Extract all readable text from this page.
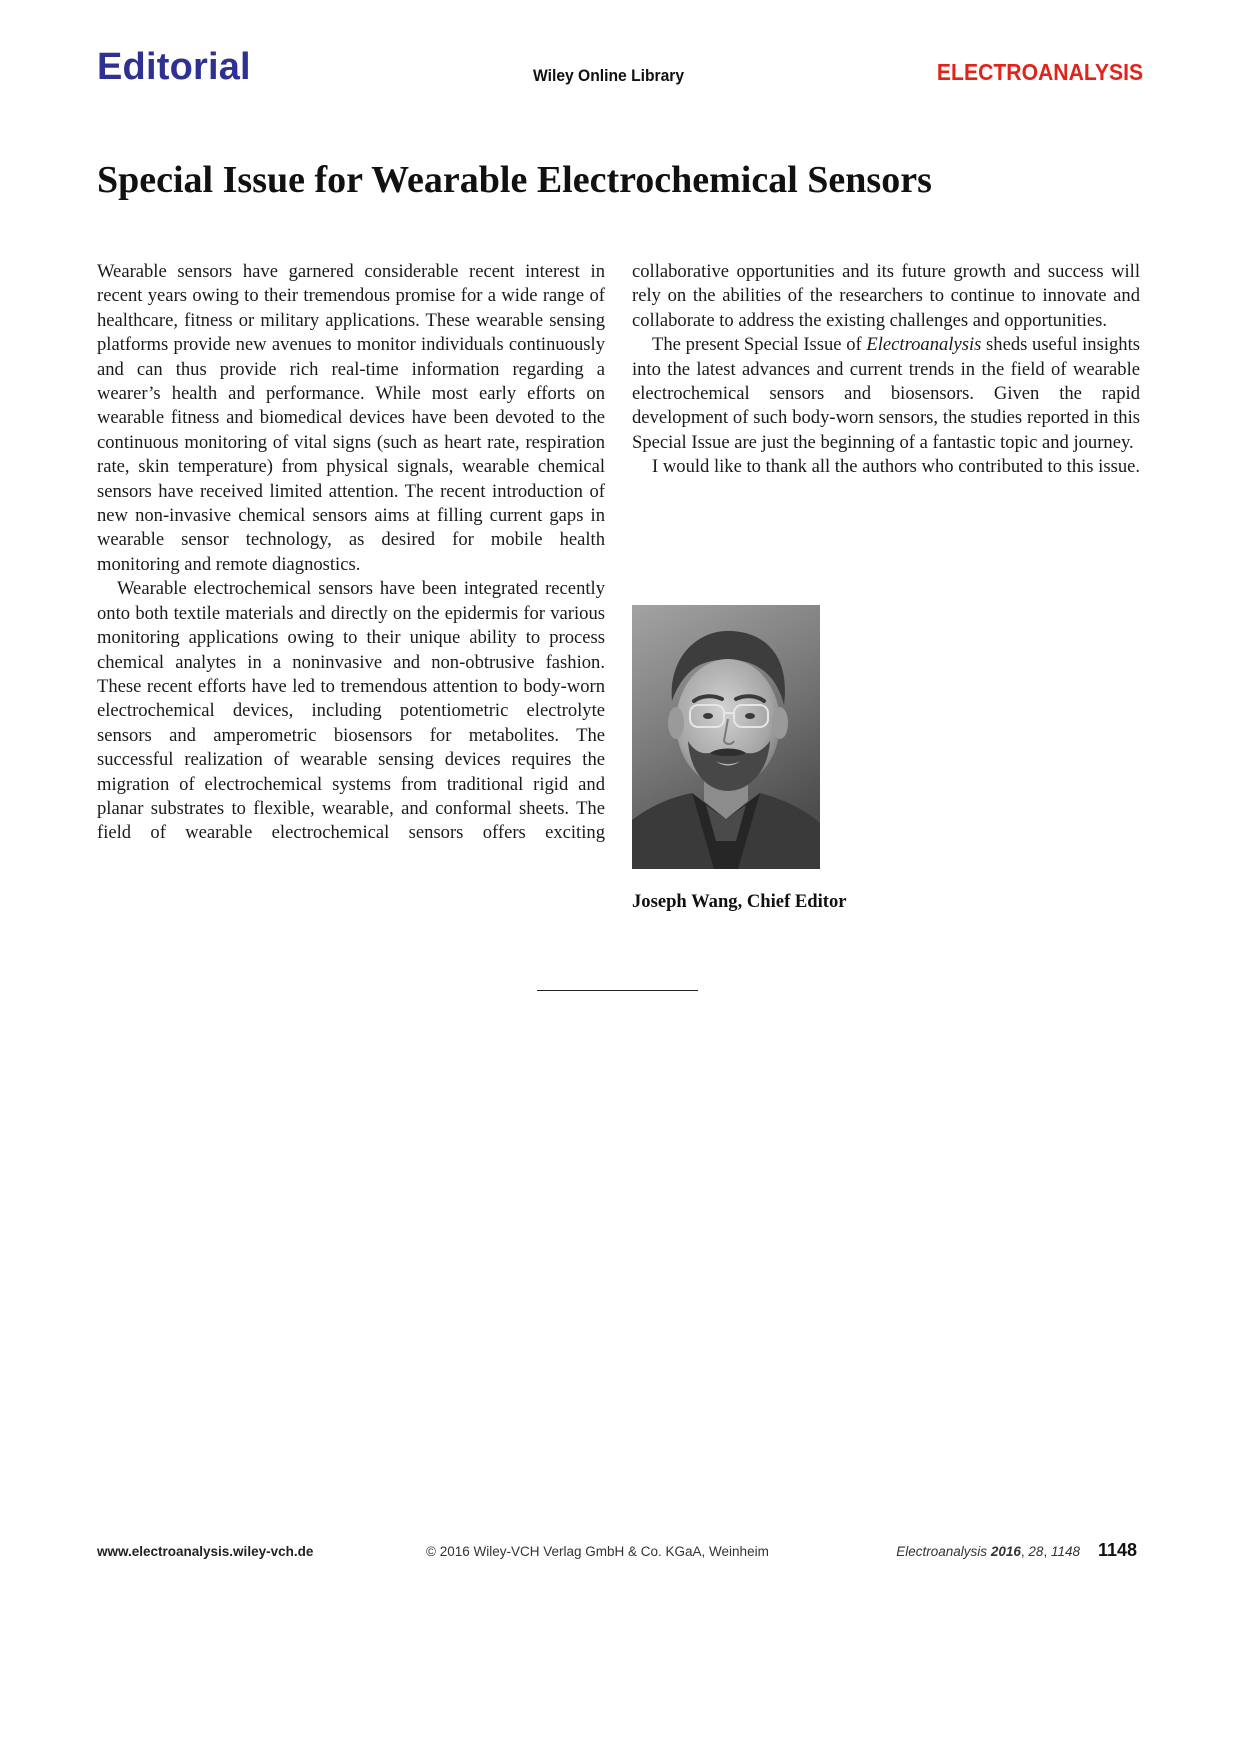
Editorial	Wiley Online Library	ELECTROANALYSIS
Special Issue for Wearable Electrochemical Sensors

Wearable sensors have garnered considerable recent interest in recent years owing to their tremendous promise for a wide range of healthcare, fitness or military applications. These wearable sensing platforms provide new avenues to monitor individuals continuously and can thus provide rich real-time information regarding a wearer’s health and performance. While most early efforts on wearable fitness and biomedical devices have been devoted to the continuous monitoring of vital signs (such as heart rate, respiration rate, skin temperature) from physical signals, wearable chemical sensors have received limited attention. The recent introduction of new non-invasive chemical sensors aims at filling current gaps in wearable sensor technology, as desired for mobile health monitoring and remote diagnostics.

Wearable electrochemical sensors have been integrated recently onto both textile materials and directly on the epidermis for various monitoring applications owing to their unique ability to process chemical analytes in a noninvasive and non-obtrusive fashion. These recent efforts have led to tremendous attention to body-worn electrochemical devices, including potentiometric electrolyte sensors and amperometric biosensors for metabolites. The successful realization of wearable sensing devices requires the migration of electrochemical systems from traditional rigid and planar substrates to flexible, wearable, and conformal sheets. The field of wearable electrochemical sensors offers exciting

collaborative opportunities and its future growth and success will rely on the abilities of the researchers to continue to innovate and collaborate to address the existing challenges and opportunities.

The present Special Issue of Electroanalysis sheds useful insights into the latest advances and current trends in the field of wearable electrochemical sensors and biosensors. Given the rapid development of such body-worn sensors, the studies reported in this Special Issue are just the beginning of a fantastic topic and journey.

I would like to thank all the authors who contributed to this issue.

Joseph Wang, Chief Editor
www.electroanalysis.wiley-vch.de	© 2016 Wiley-VCH Verlag GmbH & Co. KGaA, Weinheim	Electroanalysis 2016, 28, 1148 1148
